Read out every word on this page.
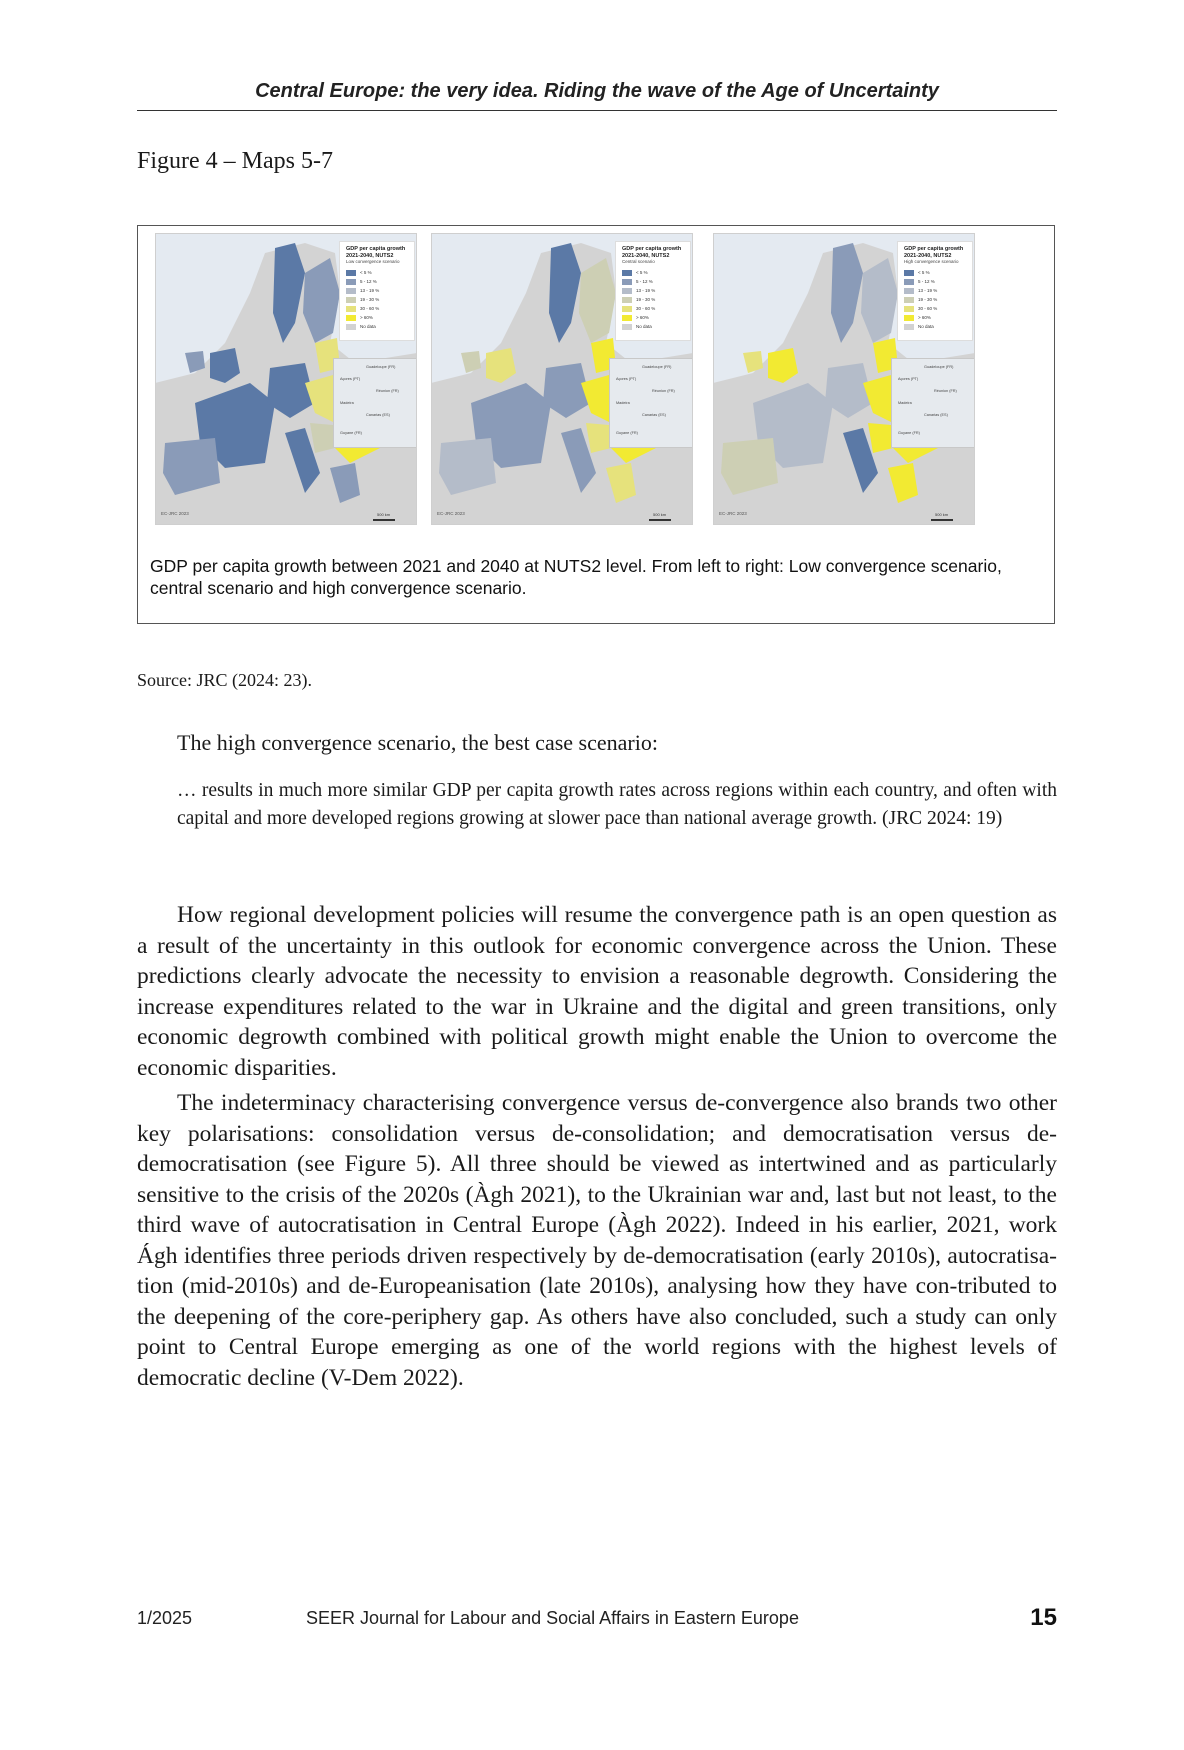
Central Europe: the very idea. Riding the wave of the Age of Uncertainty
Figure 4 – Maps 5-7
GDP per capita growth 2021-2040, NUTS2
Low convergence scenario
< 5 %
5 - 12 %
13 - 19 %
19 - 30 %
30 - 60 %
> 60%
No data
Guadeloupe (FR)
Açores (PT)
Réunion (FR)
Madeira
Canarias (ES)
Guyane (FR)
EC-JRC 2023	500 km
GDP per capita growth 2021-2040, NUTS2
Central scenario
< 5 %
5 - 12 %
13 - 19 %
19 - 30 %
30 - 60 %
> 60%
No data
Guadeloupe (FR)
Açores (PT)
Réunion (FR)
Madeira
Canarias (ES)
Guyane (FR)
EC-JRC 2023	500 km
GDP per capita growth 2021-2040, NUTS2
High convergence scenario
< 5 %
5 - 12 %
13 - 19 %
19 - 30 %
30 - 60 %
> 60%
No data
Guadeloupe (FR)
Açores (PT)
Réunion (FR)
Madeira
Canarias (ES)
Guyane (FR)
EC-JRC 2023	500 km
GDP per capita growth between 2021 and 2040 at NUTS2 level. From left to right: Low convergence scenario, central scenario and high convergence scenario.
Source: JRC (2024: 23).
The high convergence scenario, the best case scenario:
… results in much more similar GDP per capita growth rates across regions within each country, and often with capital and more developed regions growing at slower pace than national average growth. (JRC 2024: 19)
How regional development policies will resume the convergence path is an open question as a result of the uncertainty in this outlook for economic convergence across the Union. These predictions clearly advocate the necessity to envision a reasonable degrowth. Considering the increase expenditures related to the war in Ukraine and the digital and green transitions, only economic degrowth combined with political growth might enable the Union to overcome the economic disparities.
The indeterminacy characterising convergence versus de-convergence also brands two other key polarisations: consolidation versus de-consolidation; and democratisation versus de-democratisation (see Figure 5). All three should be viewed as intertwined and as particularly sensitive to the crisis of the 2020s (Àgh 2021), to the Ukrainian war and, last but not least, to the third wave of autocratisation in Central Europe (Àgh 2022). Indeed in his earlier, 2021, work Ágh identifies three periods driven respectively by de-democratisation (early 2010s), autocratisa-tion (mid-2010s) and de-Europeanisation (late 2010s), analysing how they have con-tributed to the deepening of the core-periphery gap. As others have also concluded, such a study can only point to Central Europe emerging as one of the world regions with the highest levels of democratic decline (V-Dem 2022).
1/2025	SEER Journal for Labour and Social Affairs in Eastern Europe	15
